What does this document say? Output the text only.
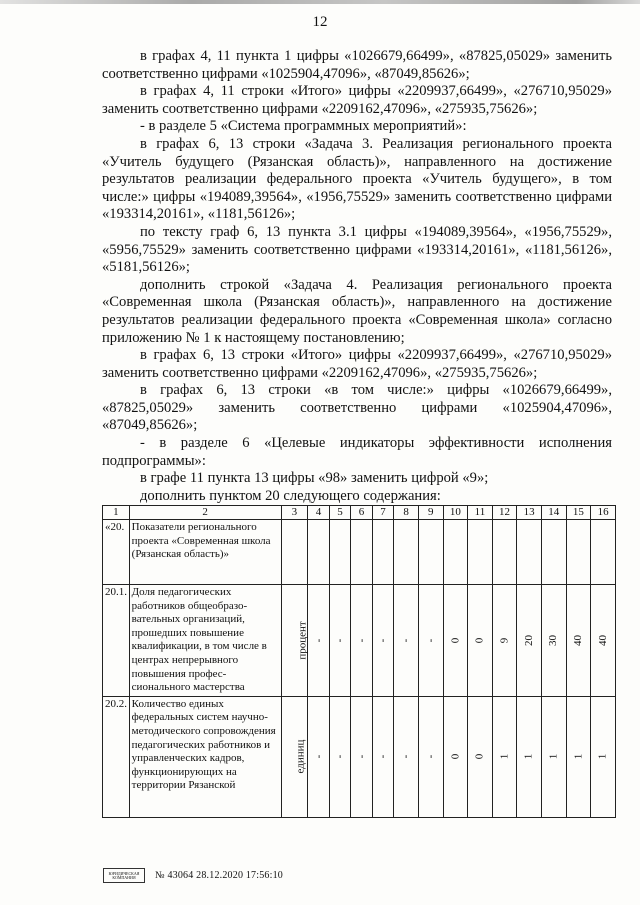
12

в графах 4, 11 пункта 1 цифры «1026679,66499», «87825,05029» заменить соответственно цифрами «1025904,47096», «87049,85626»;

в графах 4, 11 строки «Итого» цифры «2209937,66499», «276710,95029» заменить соответственно цифрами «2209162,47096», «275935,75626»;

- в разделе 5 «Система программных мероприятий»:

в графах 6, 13 строки «Задача 3. Реализация регионального проекта «Учитель будущего (Рязанская область)», направленного на достижение результатов реализации федерального проекта «Учитель будущего», в том числе:» цифры «194089,39564», «1956,75529» заменить соответственно цифрами «193314,20161», «1181,56126»;

по тексту граф 6, 13 пункта 3.1 цифры «194089,39564», «1956,75529», «5956,75529» заменить соответственно цифрами «193314,20161», «1181,56126», «5181,56126»;

дополнить строкой «Задача 4. Реализация регионального проекта «Современная школа (Рязанская область)», направленного на достижение результатов реализации федерального проекта «Современная школа» согласно приложению № 1 к настоящему постановлению;

в графах 6, 13 строки «Итого» цифры «2209937,66499», «276710,95029» заменить соответственно цифрами «2209162,47096», «275935,75626»;

в графах 6, 13 строки «в том числе:» цифры «1026679,66499», «87825,05029» заменить соответственно цифрами «1025904,47096», «87049,85626»;

- в разделе 6 «Целевые индикаторы эффективности исполнения подпрограммы»:

в графе 11 пункта 13 цифры «98» заменить цифрой «9»;

дополнить пунктом 20 следующего содержания:

1	2	3	4	5	6	7	8	9	10	11	12	13	14	15	16
«20.	Показатели регионального проекта «Современная школа (Рязанская область)»														
20.1.	Доля педагогических работников общеобразо-вательных организаций, прошедших повышение квалификации, в том числе в центрах непрерывного повышения профес-сионального мастерства	процент	-	-	-	-	-	-	0	0	9	20	30	40	40
20.2.	Количество единых федеральных систем научно-методического сопровождения педагогических работников и управленческих кадров, функционирующих на территории Рязанской	единиц	-	-	-	-	-	-	0	0	1	1	1	1	1
ЮРИДИЧЕСКАЯ КОМПАНИЯ	№ 43064 28.12.2020 17:56:10
